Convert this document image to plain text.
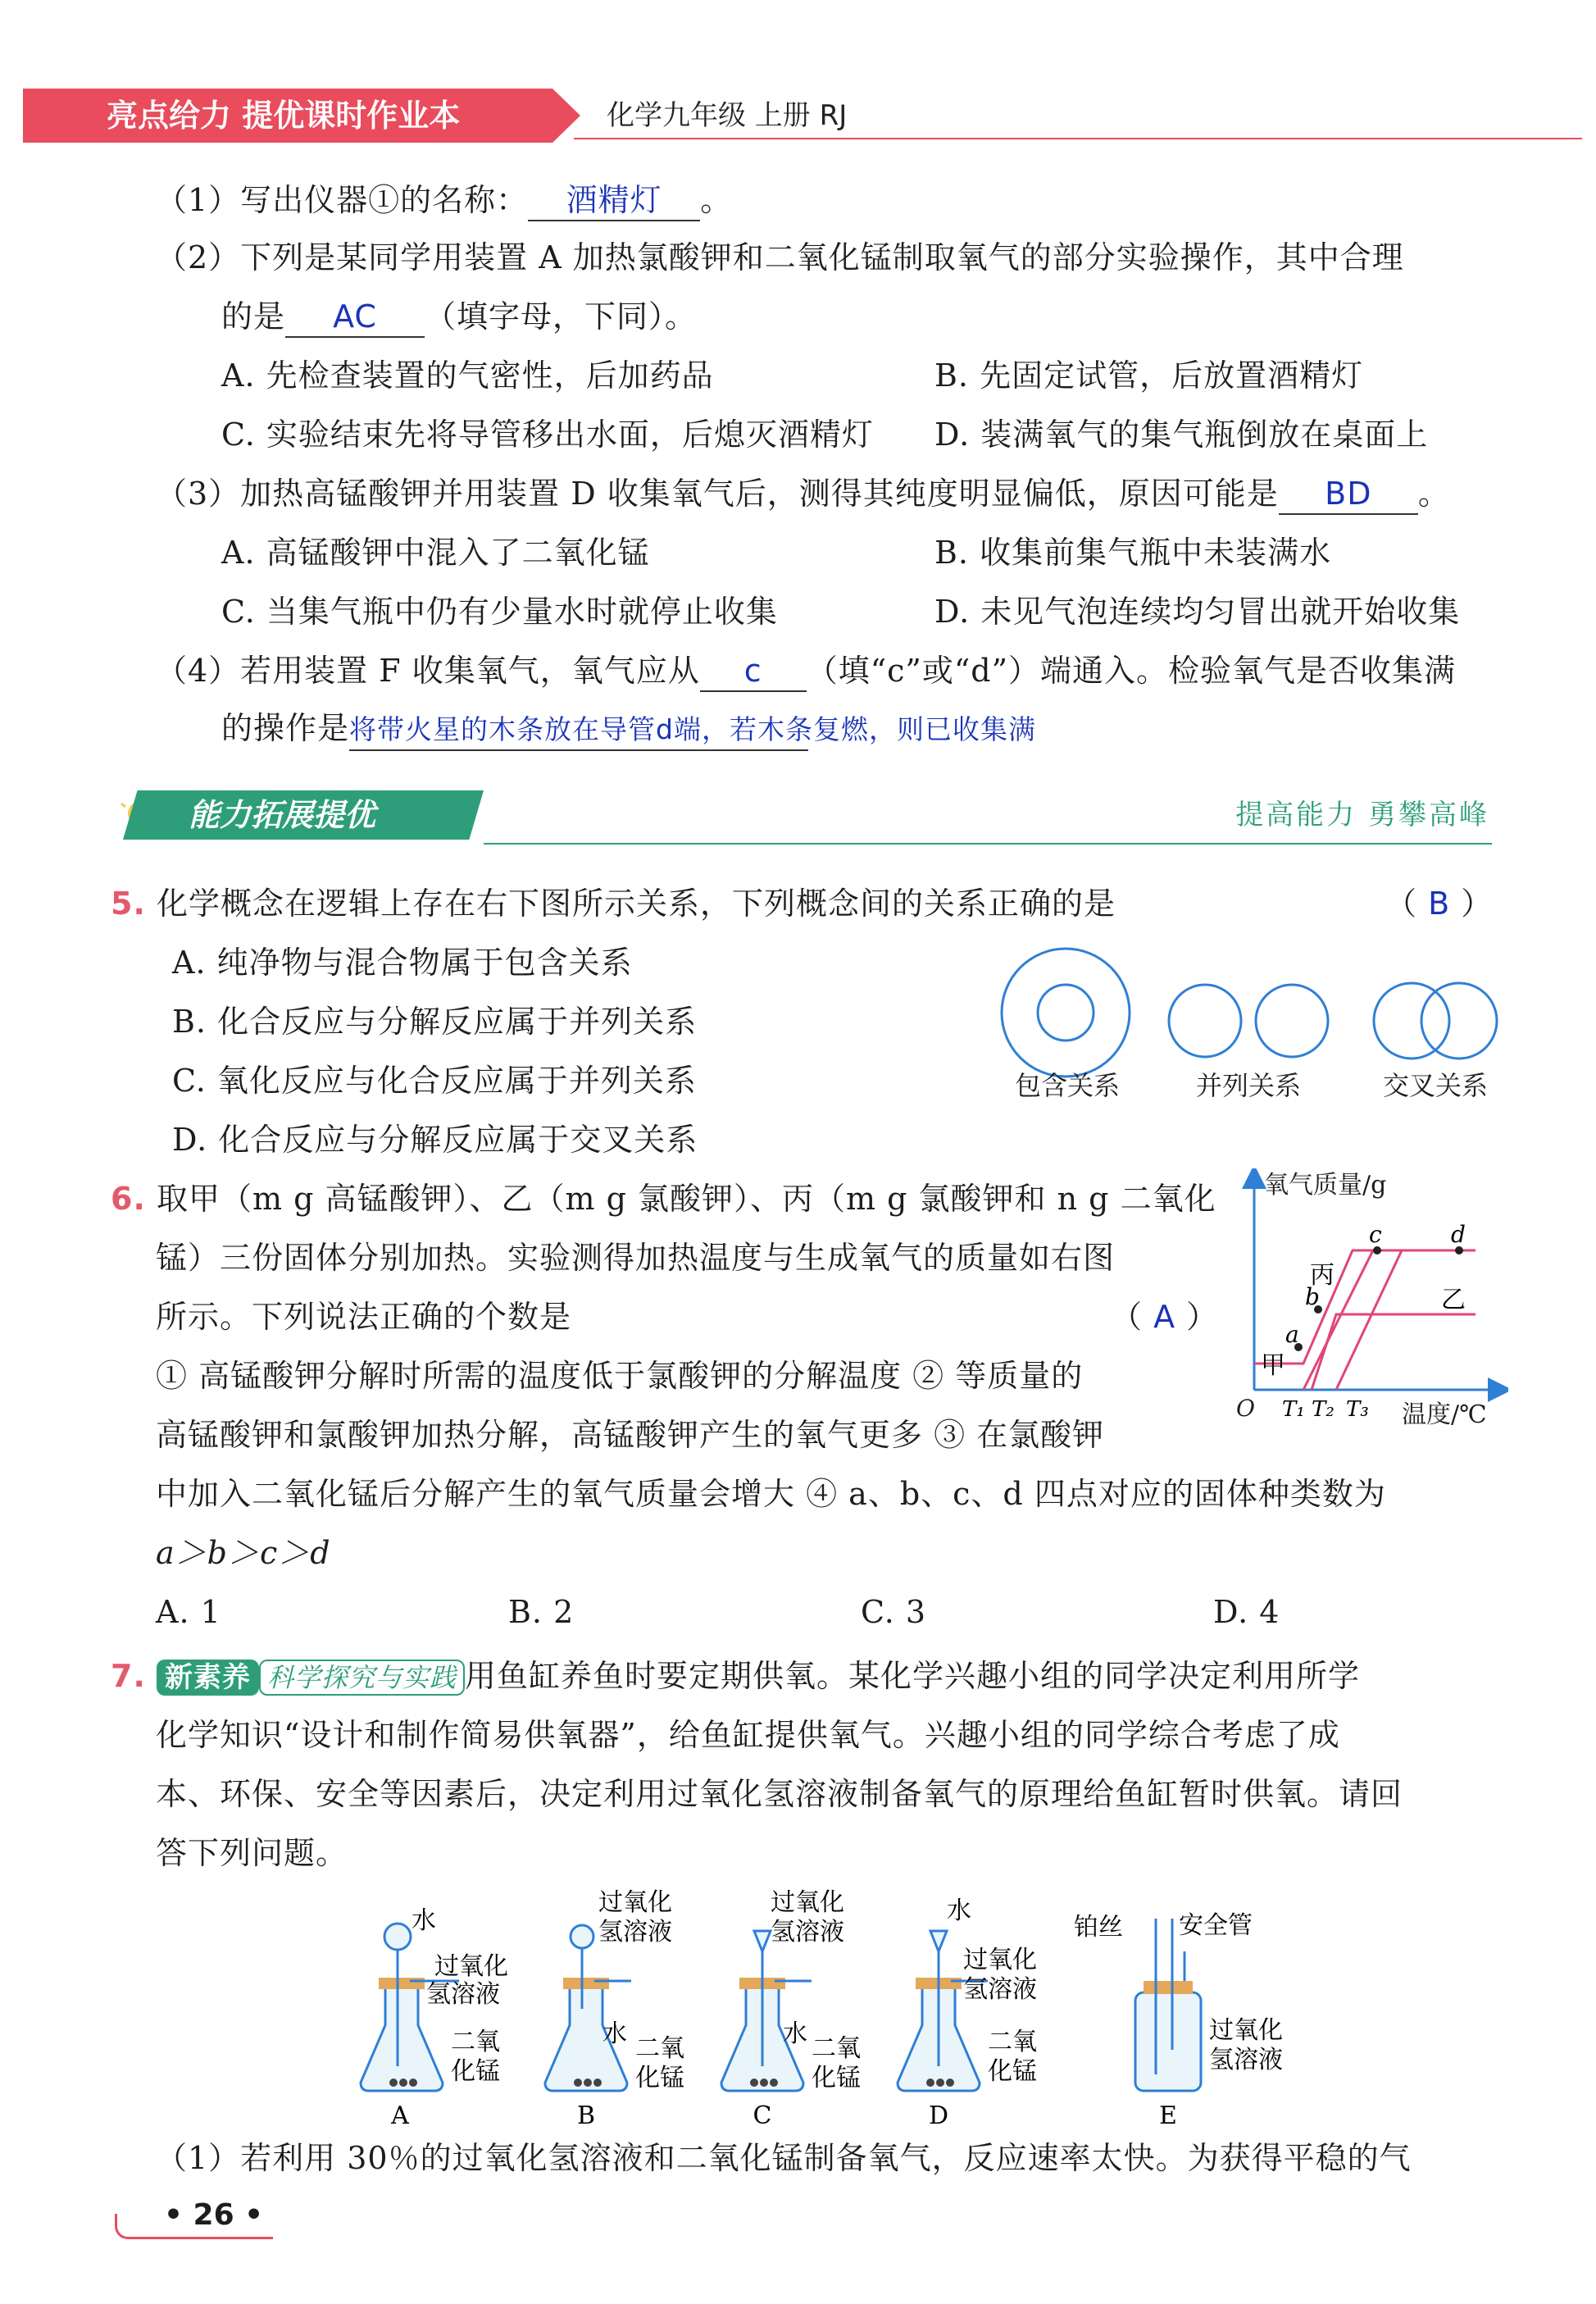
亮点给力 提优课时作业本	化学九年级 上册 RJ
（1）写出仪器①的名称： 酒精灯 。
（2）下列是某同学用装置 A 加热氯酸钾和二氧化锰制取氧气的部分实验操作，其中合理
的是 AC （填字母，下同）。
A. 先检查装置的气密性，后加药品	B. 先固定试管，后放置酒精灯
C. 实验结束先将导管移出水面，后熄灭酒精灯 D. 装满氧气的集气瓶倒放在桌面上
（3）加热高锰酸钾并用装置 D 收集氧气后，测得其纯度明显偏低，原因可能是 BD 。
A. 高锰酸钾中混入了二氧化锰	B. 收集前集气瓶中未装满水
C. 当集气瓶中仍有少量水时就停止收集	D. 未见气泡连续均匀冒出就开始收集
（4）若用装置 F 收集氧气，氧气应从 c （填“c”或“d”）端通入。检验氧气是否收集满
的操作是将带火星的木条放在导管d端，若木条复燃，则已收集满
能力拓展提优	提高能力 勇攀高峰
5. 化学概念在逻辑上存在右下图所示关系，下列概念间的关系正确的是	（ B ）
A. 纯净物与混合物属于包含关系
B. 化合反应与分解反应属于并列关系
C. 氧化反应与化合反应属于并列关系
D. 化合反应与分解反应属于交叉关系
包含关系	并列关系	交叉关系
6. 取甲（m g 高锰酸钾）、乙（m g 氯酸钾）、丙（m g 氯酸钾和 n g 二氧化
锰）三份固体分别加热。实验测得加热温度与生成氧气的质量如右图
所示。下列说法正确的个数是	（ A ）
① 高锰酸钾分解时所需的温度低于氯酸钾的分解温度 ② 等质量的
高锰酸钾和氯酸钾加热分解，高锰酸钾产生的氧气更多 ③ 在氯酸钾
中加入二氧化锰后分解产生的氧气质量会增大 ④ a、b、c、d 四点对应的固体种类数为
a＞b＞c＞d
A. 1	B. 2	C. 3	D. 4
氧气质量/g
温度/℃
O
a
b
c	d
甲
丙
乙
T₁ T₂ T₃
7. 新素养 科学探究与实践 用鱼缸养鱼时要定期供氧。某化学兴趣小组的同学决定利用所学
化学知识“设计和制作简易供氧器”，给鱼缸提供氧气。兴趣小组的同学综合考虑了成
本、环保、安全等因素后，决定利用过氧化氢溶液制备氧气的原理给鱼缸暂时供氧。请回
答下列问题。
水
过氧化
氢溶液
二氧
化锰
A
过氧化
氢溶液
水
二氧
化锰
B
过氧化
氢溶液
水
二氧
化锰
C
水
过氧化
氢溶液
二氧
化锰
D
铂丝 安全管
过氧化
氢溶液
E
（1）若利用 30％的过氧化氢溶液和二氧化锰制备氧气，反应速率太快。为获得平稳的气
• 26 •
